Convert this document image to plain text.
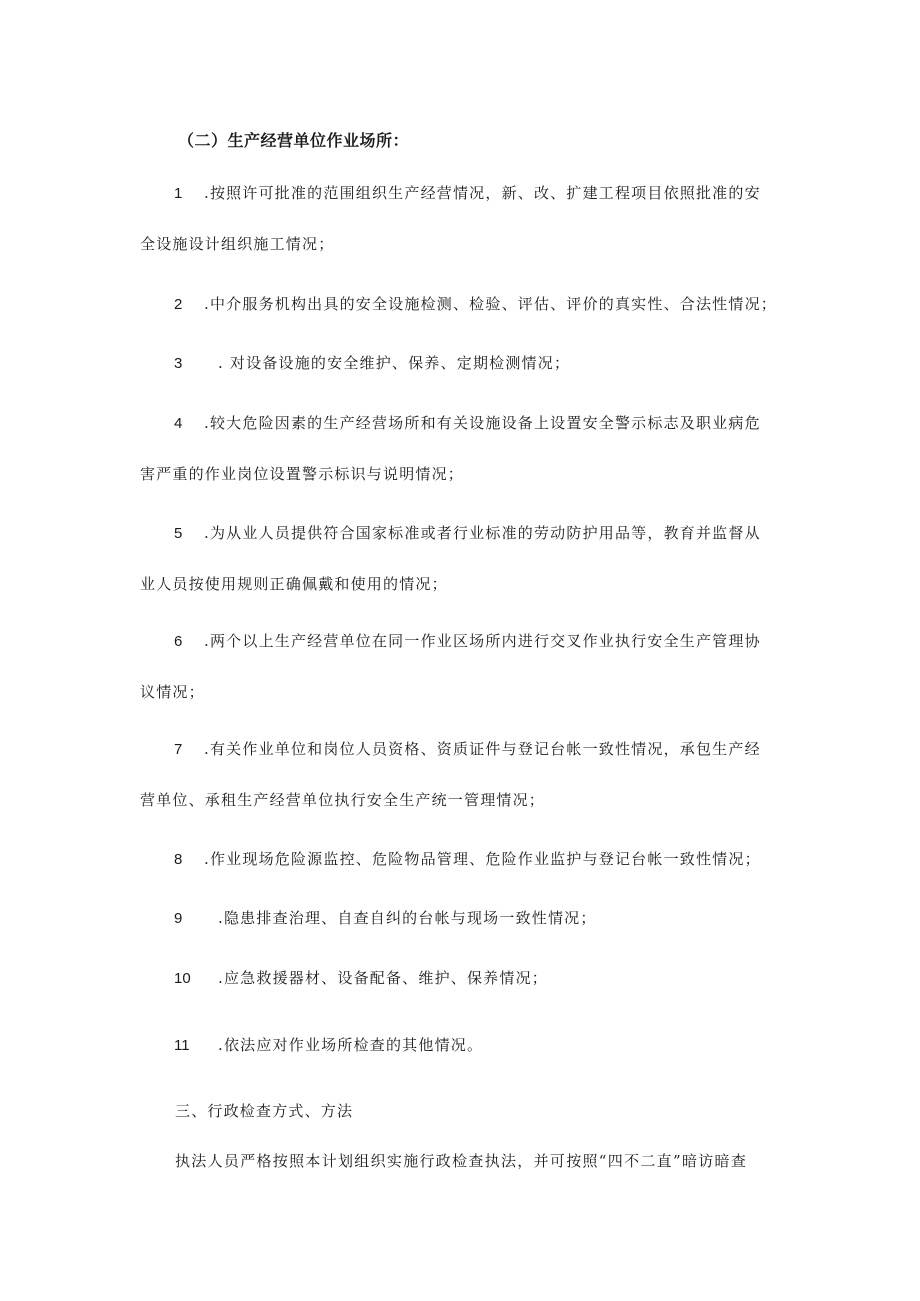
（二）生产经营单位作业场所：
1 .按照许可批准的范围组织生产经营情况，新、改、扩建工程项目依照批准的安
全设施设计组织施工情况；
2 .中介服务机构出具的安全设施检测、检验、评估、评价的真实性、合法性情况；
3 . 对设备设施的安全维护、保养、定期检测情况；
4 .较大危险因素的生产经营场所和有关设施设备上设置安全警示标志及职业病危
害严重的作业岗位设置警示标识与说明情况；
5 .为从业人员提供符合国家标准或者行业标准的劳动防护用品等，教育并监督从
业人员按使用规则正确佩戴和使用的情况；
6 .两个以上生产经营单位在同一作业区场所内进行交叉作业执行安全生产管理协
议情况；
7 .有关作业单位和岗位人员资格、资质证件与登记台帐一致性情况，承包生产经
营单位、承租生产经营单位执行安全生产统一管理情况；
8 .作业现场危险源监控、危险物品管理、危险作业监护与登记台帐一致性情况；
9 .隐患排查治理、自查自纠的台帐与现场一致性情况；
10 .应急救援器材、设备配备、维护、保养情况；
11 .依法应对作业场所检查的其他情况。
三、行政检查方式、方法
执法人员严格按照本计划组织实施行政检查执法，并可按照“四不二直”暗访暗查
